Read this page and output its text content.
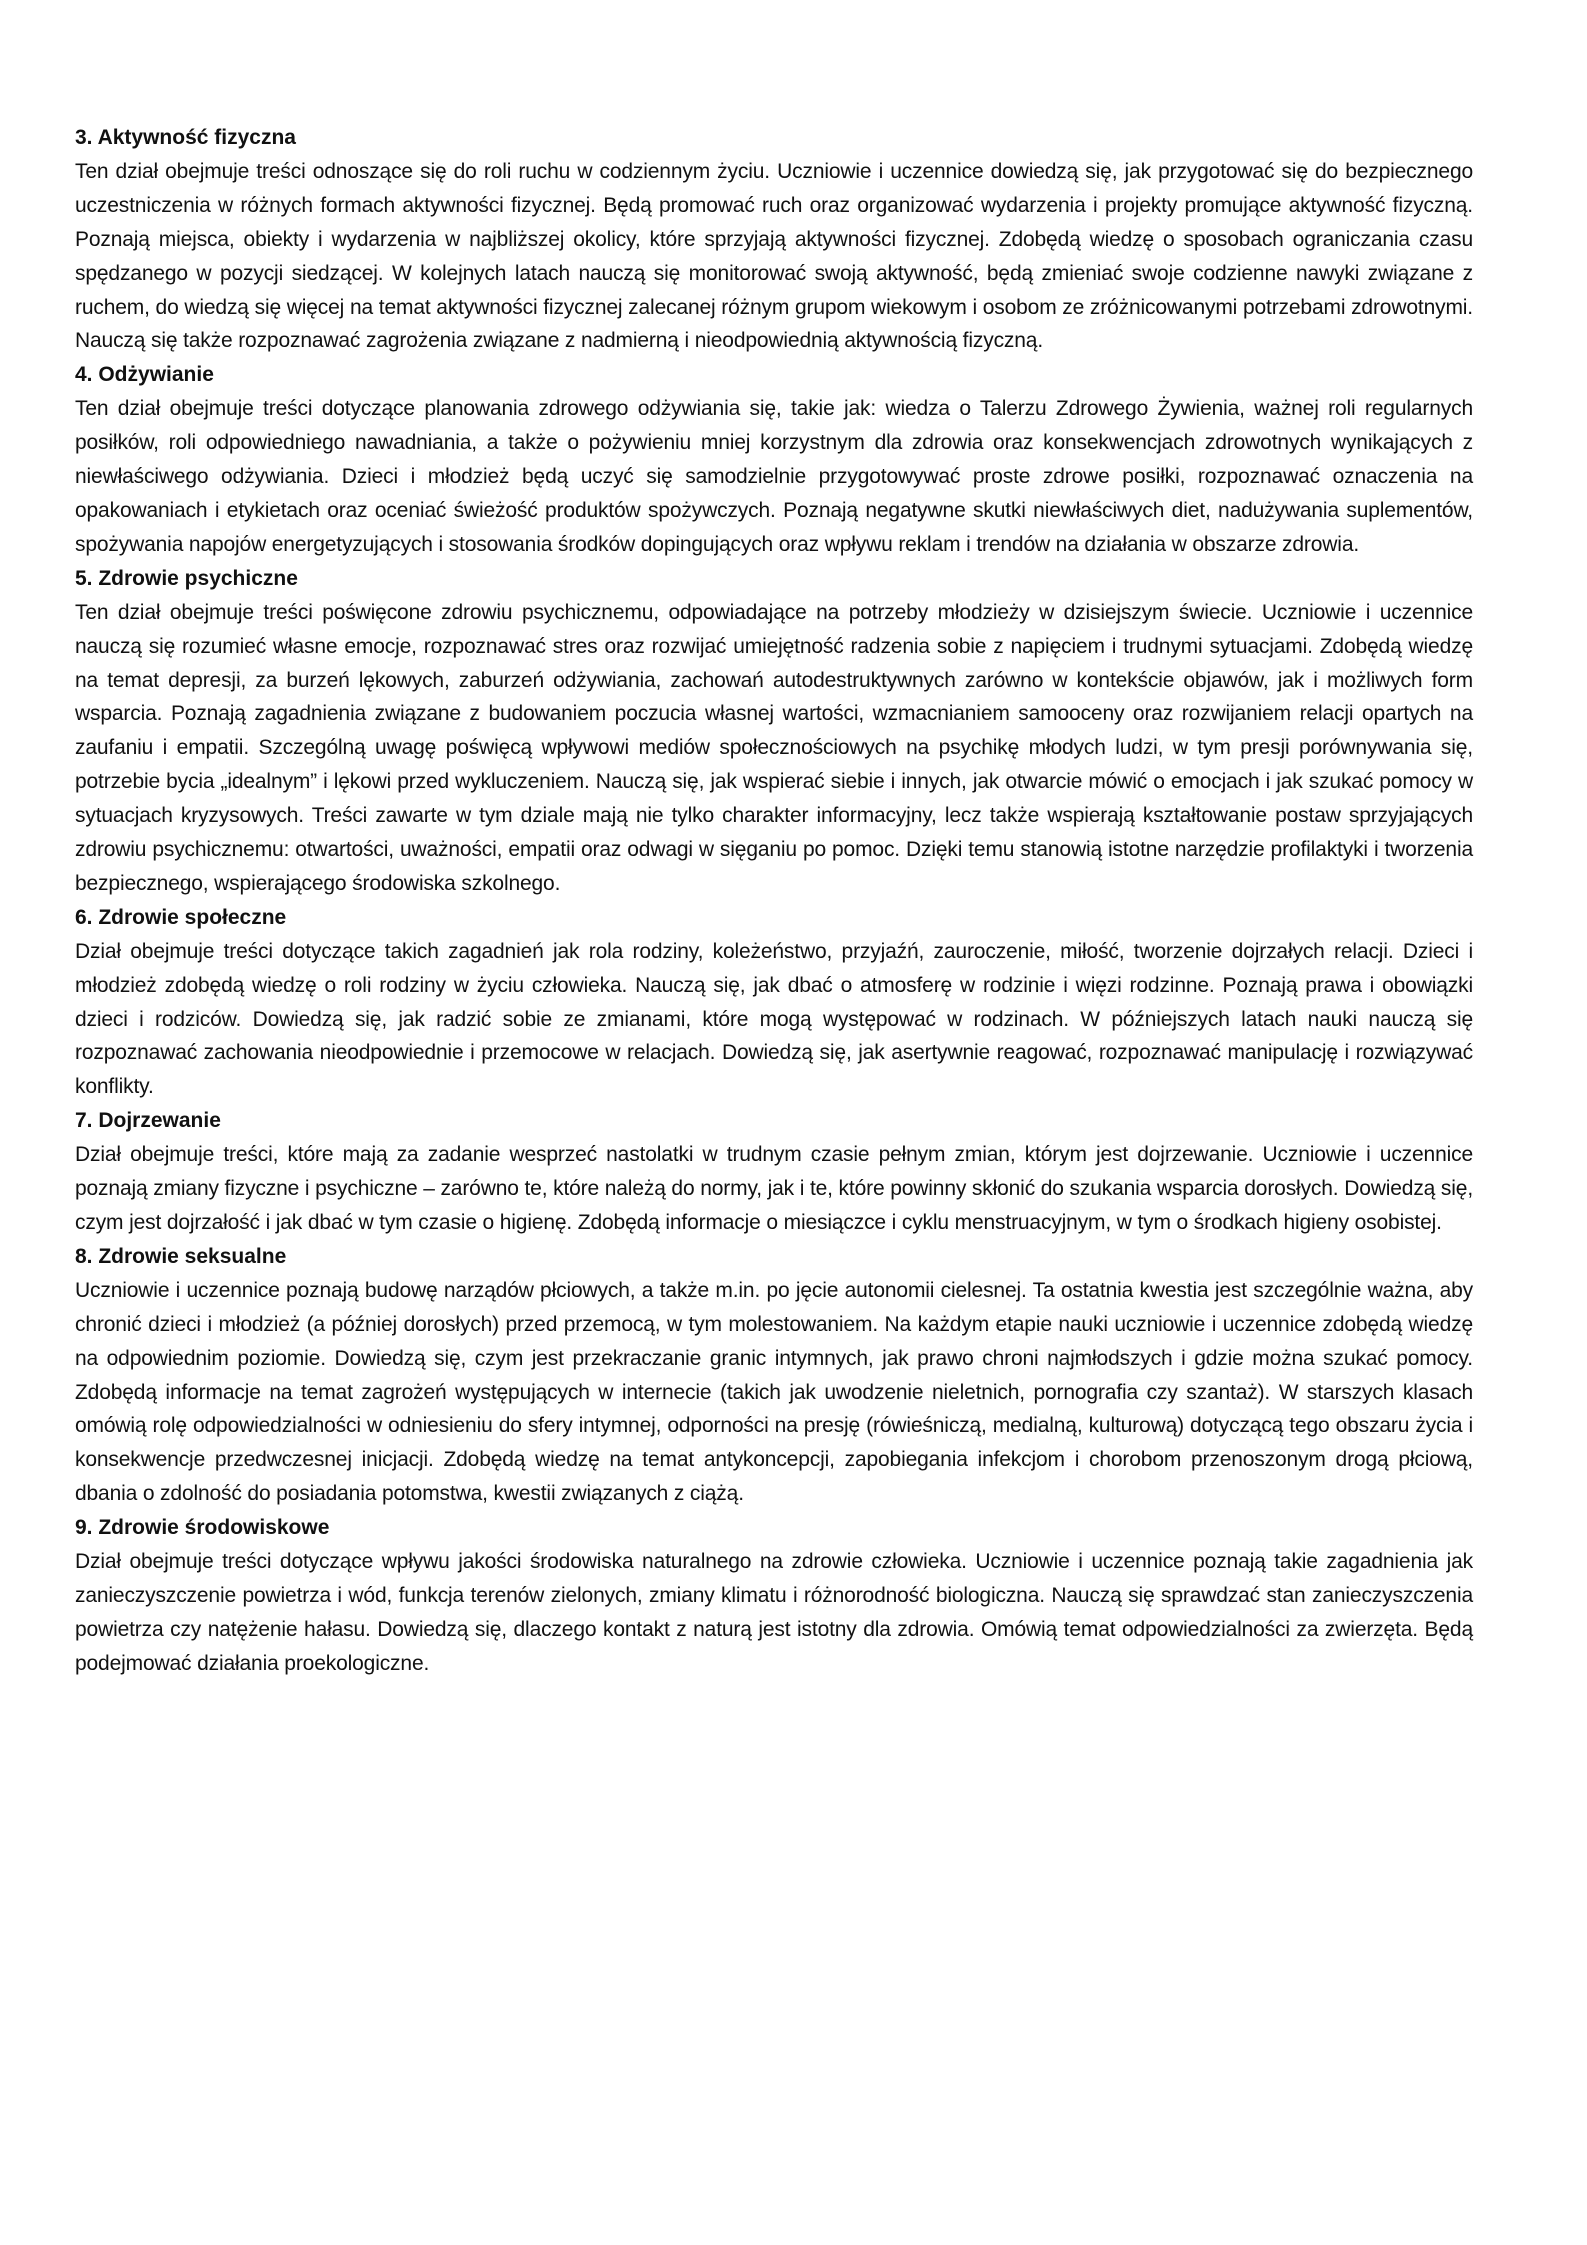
3. Aktywność fizyczna

Ten dział obejmuje treści odnoszące się do roli ruchu w codziennym życiu. Uczniowie i uczennice dowiedzą się, jak przygotować się do bezpiecznego uczestniczenia w różnych formach aktywności fizycznej. Będą promować ruch oraz organizować wydarzenia i projekty promujące aktywność fizyczną. Poznają miejsca, obiekty i wydarzenia w najbliższej okolicy, które sprzyjają aktywności fizycznej. Zdobędą wiedzę o sposobach ograniczania czasu spędzanego w pozycji siedzącej. W kolejnych latach nauczą się monitorować swoją aktywność, będą zmieniać swoje codzienne nawyki związane z ruchem, do wiedzą się więcej na temat aktywności fizycznej zalecanej różnym grupom wiekowym i osobom ze zróżnicowanymi potrzebami zdrowotnymi. Nauczą się także rozpoznawać zagrożenia związane z nadmierną i nieodpowiednią aktywnością fizyczną.

4. Odżywianie

Ten dział obejmuje treści dotyczące planowania zdrowego odżywiania się, takie jak: wiedza o Talerzu Zdrowego Żywienia, ważnej roli regularnych posiłków, roli odpowiedniego nawadniania, a także o pożywieniu mniej korzystnym dla zdrowia oraz konsekwencjach zdrowotnych wynikających z niewłaściwego odżywiania. Dzieci i młodzież będą uczyć się samodzielnie przygotowywać proste zdrowe posiłki, rozpoznawać oznaczenia na opakowaniach i etykietach oraz oceniać świeżość produktów spożywczych. Poznają negatywne skutki niewłaściwych diet, nadużywania suplementów, spożywania napojów energetyzujących i stosowania środków dopingujących oraz wpływu reklam i trendów na działania w obszarze zdrowia.

5. Zdrowie psychiczne

Ten dział obejmuje treści poświęcone zdrowiu psychicznemu, odpowiadające na potrzeby młodzieży w dzisiejszym świecie. Uczniowie i uczennice nauczą się rozumieć własne emocje, rozpoznawać stres oraz rozwijać umiejętność radzenia sobie z napięciem i trudnymi sytuacjami. Zdobędą wiedzę na temat depresji, za burzeń lękowych, zaburzeń odżywiania, zachowań autodestruktywnych zarówno w kontekście objawów, jak i możliwych form wsparcia. Poznają zagadnienia związane z budowaniem poczucia własnej wartości, wzmacnianiem samooceny oraz rozwijaniem relacji opartych na zaufaniu i empatii. Szczególną uwagę poświęcą wpływowi mediów społecznościowych na psychikę młodych ludzi, w tym presji porównywania się, potrzebie bycia „idealnym” i lękowi przed wykluczeniem. Nauczą się, jak wspierać siebie i innych, jak otwarcie mówić o emocjach i jak szukać pomocy w sytuacjach kryzysowych. Treści zawarte w tym dziale mają nie tylko charakter informacyjny, lecz także wspierają kształtowanie postaw sprzyjających zdrowiu psychicznemu: otwartości, uważności, empatii oraz odwagi w sięganiu po pomoc. Dzięki temu stanowią istotne narzędzie profilaktyki i tworzenia bezpiecznego, wspierającego środowiska szkolnego.

6. Zdrowie społeczne

Dział obejmuje treści dotyczące takich zagadnień jak rola rodziny, koleżeństwo, przyjaźń, zauroczenie, miłość, tworzenie dojrzałych relacji. Dzieci i młodzież zdobędą wiedzę o roli rodziny w życiu człowieka. Nauczą się, jak dbać o atmosferę w rodzinie i więzi rodzinne. Poznają prawa i obowiązki dzieci i rodziców. Dowiedzą się, jak radzić sobie ze zmianami, które mogą występować w rodzinach. W późniejszych latach nauki nauczą się rozpoznawać zachowania nieodpowiednie i przemocowe w relacjach. Dowiedzą się, jak asertywnie reagować, rozpoznawać manipulację i rozwiązywać konflikty.

7. Dojrzewanie

Dział obejmuje treści, które mają za zadanie wesprzeć nastolatki w trudnym czasie pełnym zmian, którym jest dojrzewanie. Uczniowie i uczennice poznają zmiany fizyczne i psychiczne – zarówno te, które należą do normy, jak i te, które powinny skłonić do szukania wsparcia dorosłych. Dowiedzą się, czym jest dojrzałość i jak dbać w tym czasie o higienę. Zdobędą informacje o miesiączce i cyklu menstruacyjnym, w tym o środkach higieny osobistej.

8. Zdrowie seksualne

Uczniowie i uczennice poznają budowę narządów płciowych, a także m.in. po jęcie autonomii cielesnej. Ta ostatnia kwestia jest szczególnie ważna, aby chronić dzieci i młodzież (a później dorosłych) przed przemocą, w tym molestowaniem. Na każdym etapie nauki uczniowie i uczennice zdobędą wiedzę na odpowiednim poziomie. Dowiedzą się, czym jest przekraczanie granic intymnych, jak prawo chroni najmłodszych i gdzie można szukać pomocy. Zdobędą informacje na temat zagrożeń występujących w internecie (takich jak uwodzenie nieletnich, pornografia czy szantaż). W starszych klasach omówią rolę odpowiedzialności w odniesieniu do sfery intymnej, odporności na presję (rówieśniczą, medialną, kulturową) dotyczącą tego obszaru życia i konsekwencje przedwczesnej inicjacji. Zdobędą wiedzę na temat antykoncepcji, zapobiegania infekcjom i chorobom przenoszonym drogą płciową, dbania o zdolność do posiadania potomstwa, kwestii związanych z ciążą.

9. Zdrowie środowiskowe

Dział obejmuje treści dotyczące wpływu jakości środowiska naturalnego na zdrowie człowieka. Uczniowie i uczennice poznają takie zagadnienia jak zanieczyszczenie powietrza i wód, funkcja terenów zielonych, zmiany klimatu i różnorodność biologiczna. Nauczą się sprawdzać stan zanieczyszczenia powietrza czy natężenie hałasu. Dowiedzą się, dlaczego kontakt z naturą jest istotny dla zdrowia. Omówią temat odpowiedzialności za zwierzęta. Będą podejmować działania proekologiczne.
